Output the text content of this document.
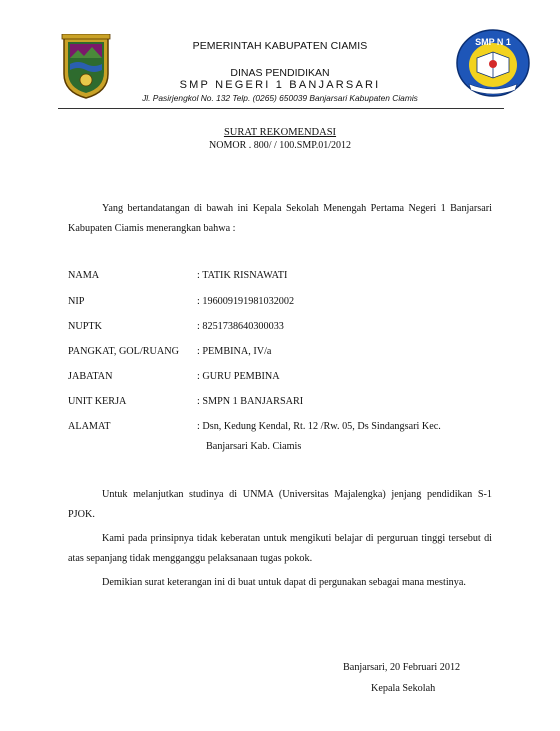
SMP N 1
PEMERINTAH KABUPATEN CIAMIS
DINAS PENDIDIKAN
SMP NEGERI 1 BANJARSARI
Jl. Pasirjengkol No. 132 Telp. (0265) 650039 Banjarsari Kabupaten Ciamis
SURAT REKOMENDASI
NOMOR . 800/ / 100.SMP.01/2012
Yang bertandatangan di bawah ini Kepala Sekolah Menengah Pertama Negeri 1 Banjarsari Kabupaten Ciamis menerangkan bahwa :
NAMA	: TATIK RISNAWATI
NIP	: 196009191981032002
NUPTK	: 8251738640300033
PANGKAT, GOL/RUANG : PEMBINA, IV/a
JABATAN	: GURU PEMBINA
UNIT KERJA	: SMPN 1 BANJARSARI
ALAMAT	: Dsn, Kedung Kendal, Rt. 12 /Rw. 05, Ds Sindangsari Kec.
Banjarsari Kab. Ciamis
Untuk melanjutkan studinya di UNMA (Universitas Majalengka) jenjang pendidikan S-1 PJOK.
Kami pada prinsipnya tidak keberatan untuk mengikuti belajar di perguruan tinggi tersebut di atas sepanjang tidak mengganggu pelaksanaan tugas pokok.
Demikian surat keterangan ini di buat untuk dapat di pergunakan sebagai mana mestinya.
Banjarsari, 20 Februari 2012
Kepala Sekolah
